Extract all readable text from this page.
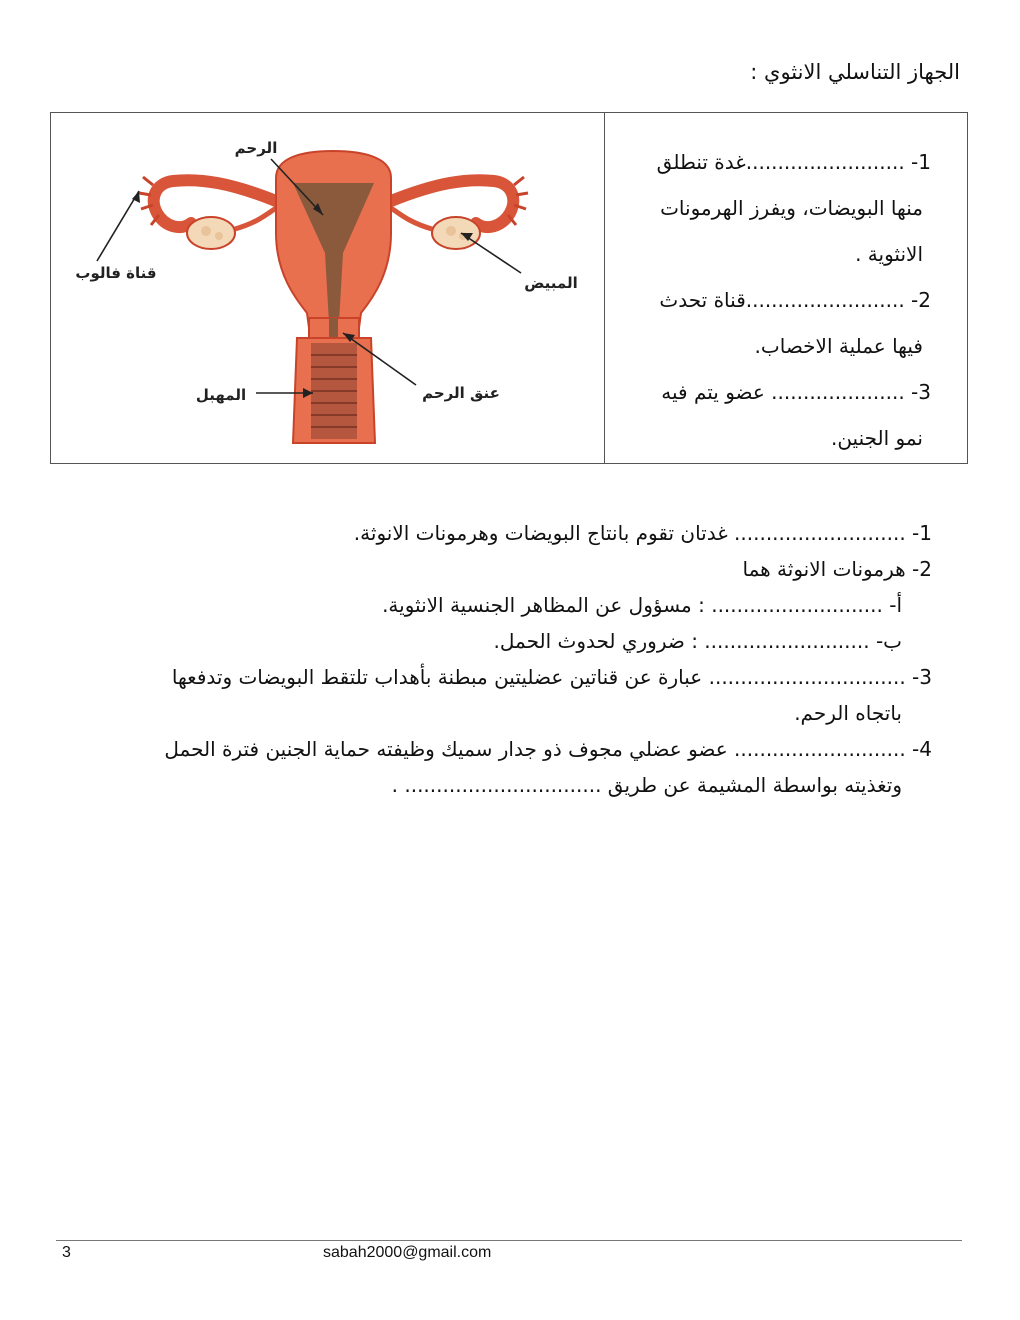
الجهاز التناسلي الانثوي :
الرحم
قناة فالوب
المبيض
المهبل	عنق الرحم
1- .........................غدة تنطلق
منها البويضات، ويفرز الهرمونات
الانثوية .
2- .........................قناة تحدث
فيها عملية الاخصاب.
3- ..................... عضو يتم فيه
نمو الجنين.
1- ........................... غدتان تقوم بانتاج البويضات وهرمونات الانوثة.
2- هرمونات الانوثة هما
أ- ........................... : مسؤول عن المظاهر الجنسية الانثوية.
ب- .......................... : ضروري لحدوث الحمل.
3- ............................... عبارة عن قناتين عضليتين مبطنة بأهداب تلتقط البويضات وتدفعها
باتجاه الرحم.
4- ........................... عضو عضلي مجوف ذو جدار سميك وظيفته حماية الجنين فترة الحمل
وتغذيته بواسطة المشيمة عن طريق ............................... .
3	sabah2000@gmail.com
